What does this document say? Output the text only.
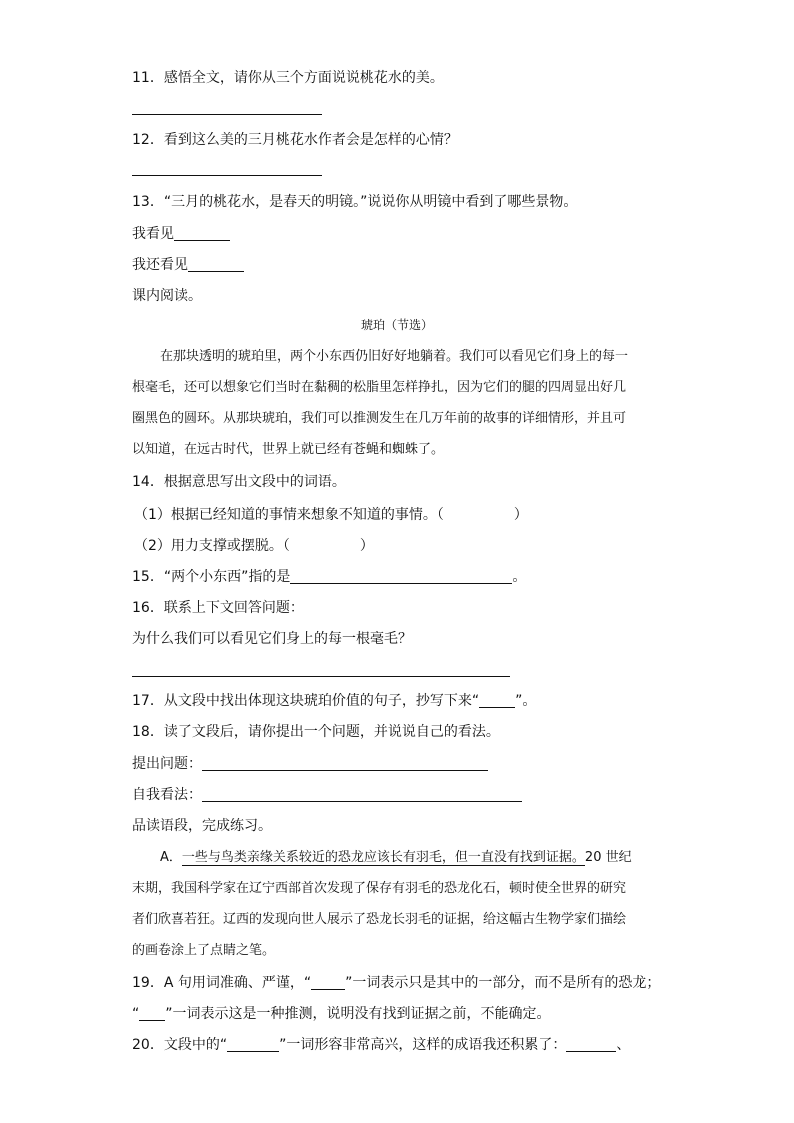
11．感悟全文，请你从三个方面说说桃花水的美。
12．看到这么美的三月桃花水作者会是怎样的心情？
13．“三月的桃花水，是春天的明镜。”说说你从明镜中看到了哪些景物。
我看见
我还看见
课内阅读。
琥珀（节选）
在那块透明的琥珀里，两个小东西仍旧好好地躺着。我们可以看见它们身上的每一
根毫毛，还可以想象它们当时在黏稠的松脂里怎样挣扎，因为它们的腿的四周显出好几
圈黑色的圆环。从那块琥珀，我们可以推测发生在几万年前的故事的详细情形，并且可
以知道，在远古时代，世界上就已经有苍蝇和蜘蛛了。
14．根据意思写出文段中的词语。
（1）根据已经知道的事情来想象不知道的事情。（	）
（2）用力支撑或摆脱。（	）
15．“两个小东西”指的是	。
16．联系上下文回答问题：
为什么我们可以看见它们身上的每一根毫毛？
17．从文段中找出体现这块琥珀价值的句子，抄写下来“	”。
18．读了文段后，请你提出一个问题，并说说自己的看法。
提出问题：
自我看法：
品读语段，完成练习。
A．一些与鸟类亲缘关系较近的恐龙应该长有羽毛，但一直没有找到证据。20 世纪
末期，我国科学家在辽宁西部首次发现了保存有羽毛的恐龙化石，顿时使全世界的研究
者们欣喜若狂。辽西的发现向世人展示了恐龙长羽毛的证据，给这幅古生物学家们描绘
的画卷涂上了点睛之笔。
19．A 句用词准确、严谨，“ ”一词表示只是其中的一部分，而不是所有的恐龙；
“ ”一词表示这是一种推测，说明没有找到证据之前，不能确定。
20．文段中的“	”一词形容非常高兴，这样的成语我还积累了：	、
